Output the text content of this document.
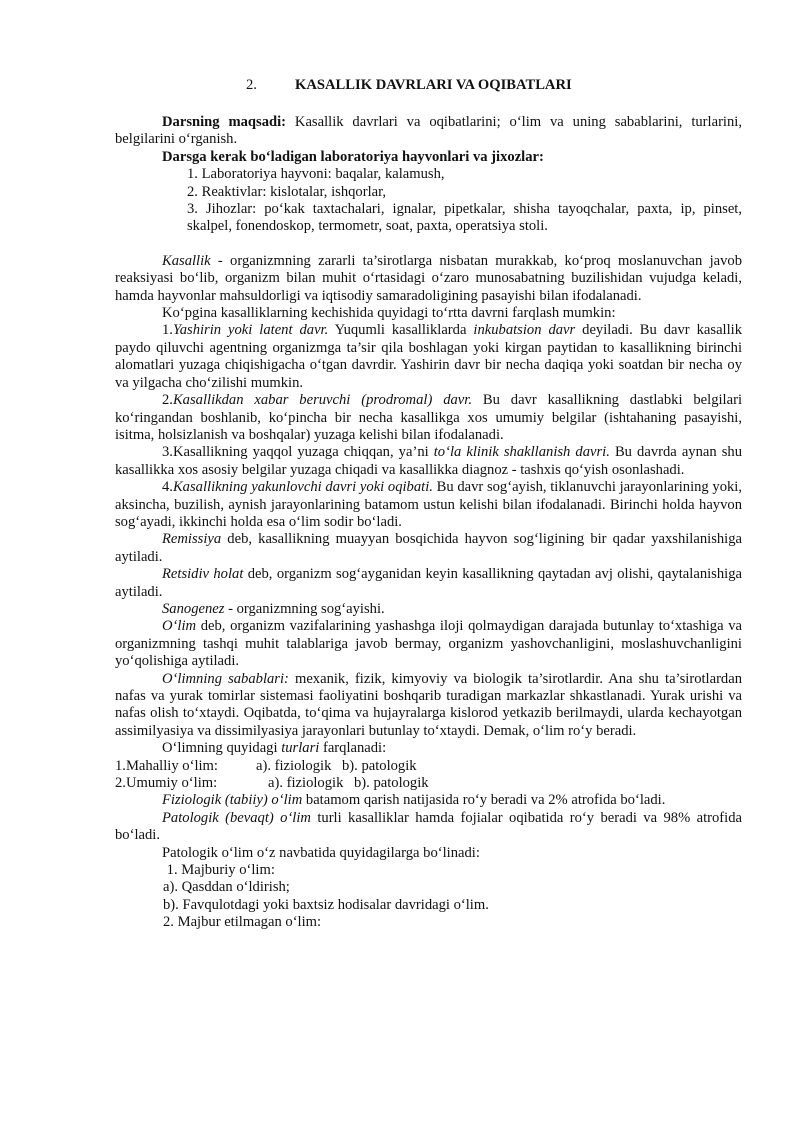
2.	KASALLIK DAVRLARI VA OQIBATLARI

Darsning maqsadi: Kasallik davrlari va oqibatlarini; o‘lim va uning sabablarini, turlarini, belgilarini o‘rganish.

Darsga kerak bo‘ladigan laboratoriya hayvonlari va jixozlar:

1. Laboratoriya hayvoni: baqalar, kalamush,

2. Reaktivlar: kislotalar, ishqorlar,

3. Jihozlar: po‘kak taxtachalari, ignalar, pipetkalar, shisha tayoqchalar, paxta, ip, pinset, skalpel, fonendoskop, termometr, soat, paxta, operatsiya stoli.

Kasallik - organizmning zararli ta’sirotlarga nisbatan murakkab, ko‘proq moslanuvchan javob reaksiyasi bo‘lib, organizm bilan muhit o‘rtasidagi o‘zaro munosabatning buzilishidan vujudga keladi, hamda hayvonlar mahsuldorligi va iqtisodiy samaradoligining pasayishi bilan ifodalanadi.

Ko‘pgina kasalliklarning kechishida quyidagi to‘rtta davrni farqlash mumkin:

1.Yashirin yoki latent davr. Yuqumli kasalliklarda inkubatsion davr deyiladi. Bu davr kasallik paydo qiluvchi agentning organizmga ta’sir qila boshlagan yoki kirgan paytidan to kasallikning birinchi alomatlari yuzaga chiqishigacha o‘tgan davrdir. Yashirin davr bir necha daqiqa yoki soatdan bir necha oy va yilgacha cho‘zilishi mumkin.

2.Kasallikdan xabar beruvchi (prodromal) davr. Bu davr kasallikning dastlabki belgilari ko‘ringandan boshlanib, ko‘pincha bir necha kasallikga xos umumiy belgilar (ishtahaning pasayishi, isitma, holsizlanish va boshqalar) yuzaga kelishi bilan ifodalanadi.

3.Kasallikning yaqqol yuzaga chiqqan, ya’ni to‘la klinik shakllanish davri. Bu davrda aynan shu kasallikka xos asosiy belgilar yuzaga chiqadi va kasallikka diagnoz - tashxis qo‘yish osonlashadi.

4.Kasallikning yakunlovchi davri yoki oqibati. Bu davr sog‘ayish, tiklanuvchi jarayonlarining yoki, aksincha, buzilish, aynish jarayonlarining batamom ustun kelishi bilan ifodalanadi. Birinchi holda hayvon sog‘ayadi, ikkinchi holda esa o‘lim sodir bo‘ladi.

Remissiya deb, kasallikning muayyan bosqichida hayvon sog‘ligining bir qadar yaxshilanishiga aytiladi.

Retsidiv holat deb, organizm sog‘ayganidan keyin kasallikning qaytadan avj olishi, qaytalanishiga aytiladi.

Sanogenez - organizmning sog‘ayishi.

O‘lim deb, organizm vazifalarining yashashga iloji qolmaydigan darajada butunlay to‘xtashiga va organizmning tashqi muhit talablariga javob bermay, organizm yashovchanligini, moslashuvchanligini yo‘qolishiga aytiladi.

O‘limning sabablari: mexanik, fizik, kimyoviy va biologik ta’sirotlardir. Ana shu ta’sirotlardan nafas va yurak tomirlar sistemasi faoliyatini boshqarib turadigan markazlar shkastlanadi. Yurak urishi va nafas olish to‘xtaydi. Oqibatda, to‘qima va hujayralarga kislorod yetkazib berilmaydi, ularda kechayotgan assimilyasiya va dissimilyasiya jarayonlari butunlay to‘xtaydi. Demak, o‘lim ro‘y beradi.

O‘limning quyidagi turlari farqlanadi:

1.Mahalliy o‘lim:	a). fiziologik b). patologik
2.Umumiy o‘lim:	a). fiziologik b). patologik

Fiziologik (tabiiy) o‘lim batamom qarish natijasida ro‘y beradi va 2% atrofida bo‘ladi.

Patologik (bevaqt) o‘lim turli kasalliklar hamda fojialar oqibatida ro‘y beradi va 98% atrofida bo‘ladi.

Patologik o‘lim o‘z navbatida quyidagilarga bo‘linadi:

1. Majburiy o‘lim:

a). Qasddan o‘ldirish;

b). Favqulotdagi yoki baxtsiz hodisalar davridagi o‘lim.

2. Majbur etilmagan o‘lim:
